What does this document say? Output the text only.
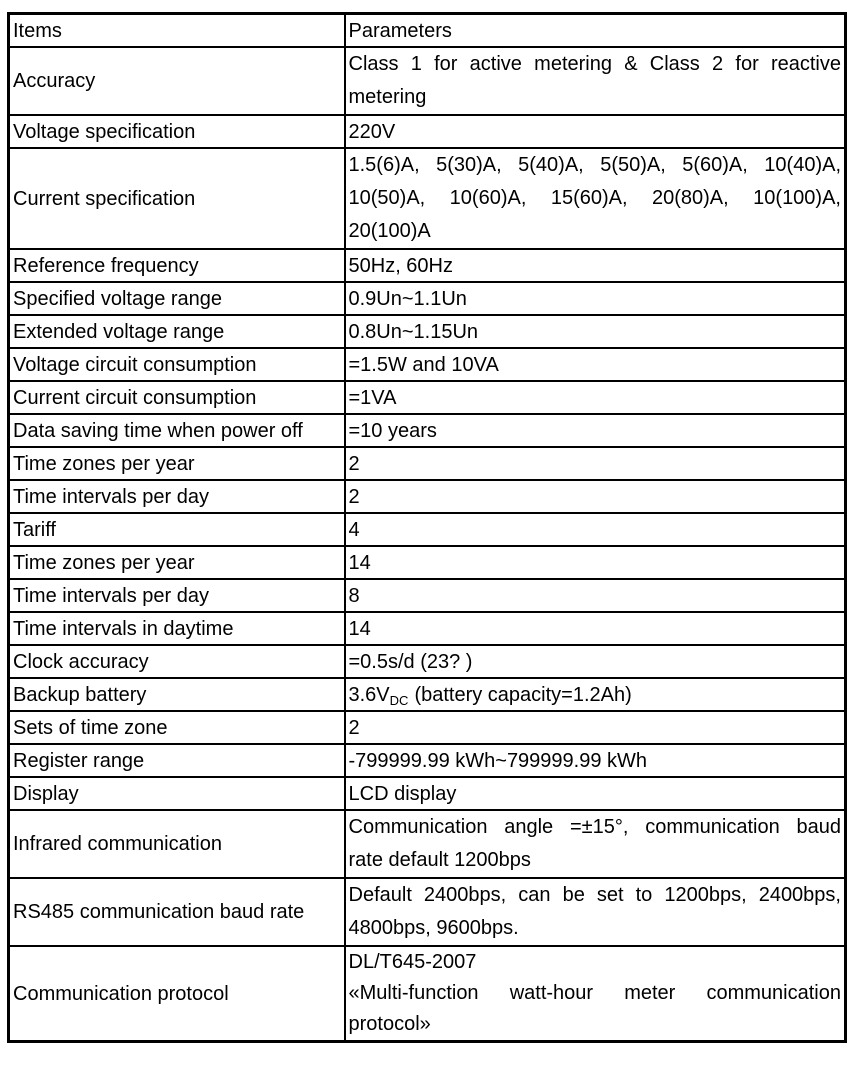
Items	Parameters
Accuracy	Class 1 for active metering & Class 2 for reactive
metering

Voltage specification	220V
Current specification	1.5(6)A, 5(30)A, 5(40)A, 5(50)A, 5(60)A, 10(40)A,
10(50)A, 10(60)A, 15(60)A, 20(80)A, 10(100)A,
20(100)A

Reference frequency	50Hz, 60Hz
Specified voltage range	0.9Un~1.1Un
Extended voltage range	0.8Un~1.15Un
Voltage circuit consumption	=1.5W and 10VA
Current circuit consumption	=1VA
Data saving time when power off	=10 years
Time zones per year	2
Time intervals per day	2
Tariff	4
Time zones per year	14
Time intervals per day	8
Time intervals in daytime	14
Clock accuracy	=0.5s/d (23? )
Backup battery	$3.6V_{DC}$ (battery capacity=1.2Ah)
Sets of time zone	2
Register range	-799999.99 kWh~799999.99 kWh
Display	LCD display
Infrared communication	Communication angle =±15°, communication baud
rate default 1200bps

RS485 communication baud rate	Default 2400bps, can be set to 1200bps, 2400bps,
4800bps, 9600bps.

Communication protocol	DL/T645-2007
«Multi-function watt-hour meter communication
protocol»
